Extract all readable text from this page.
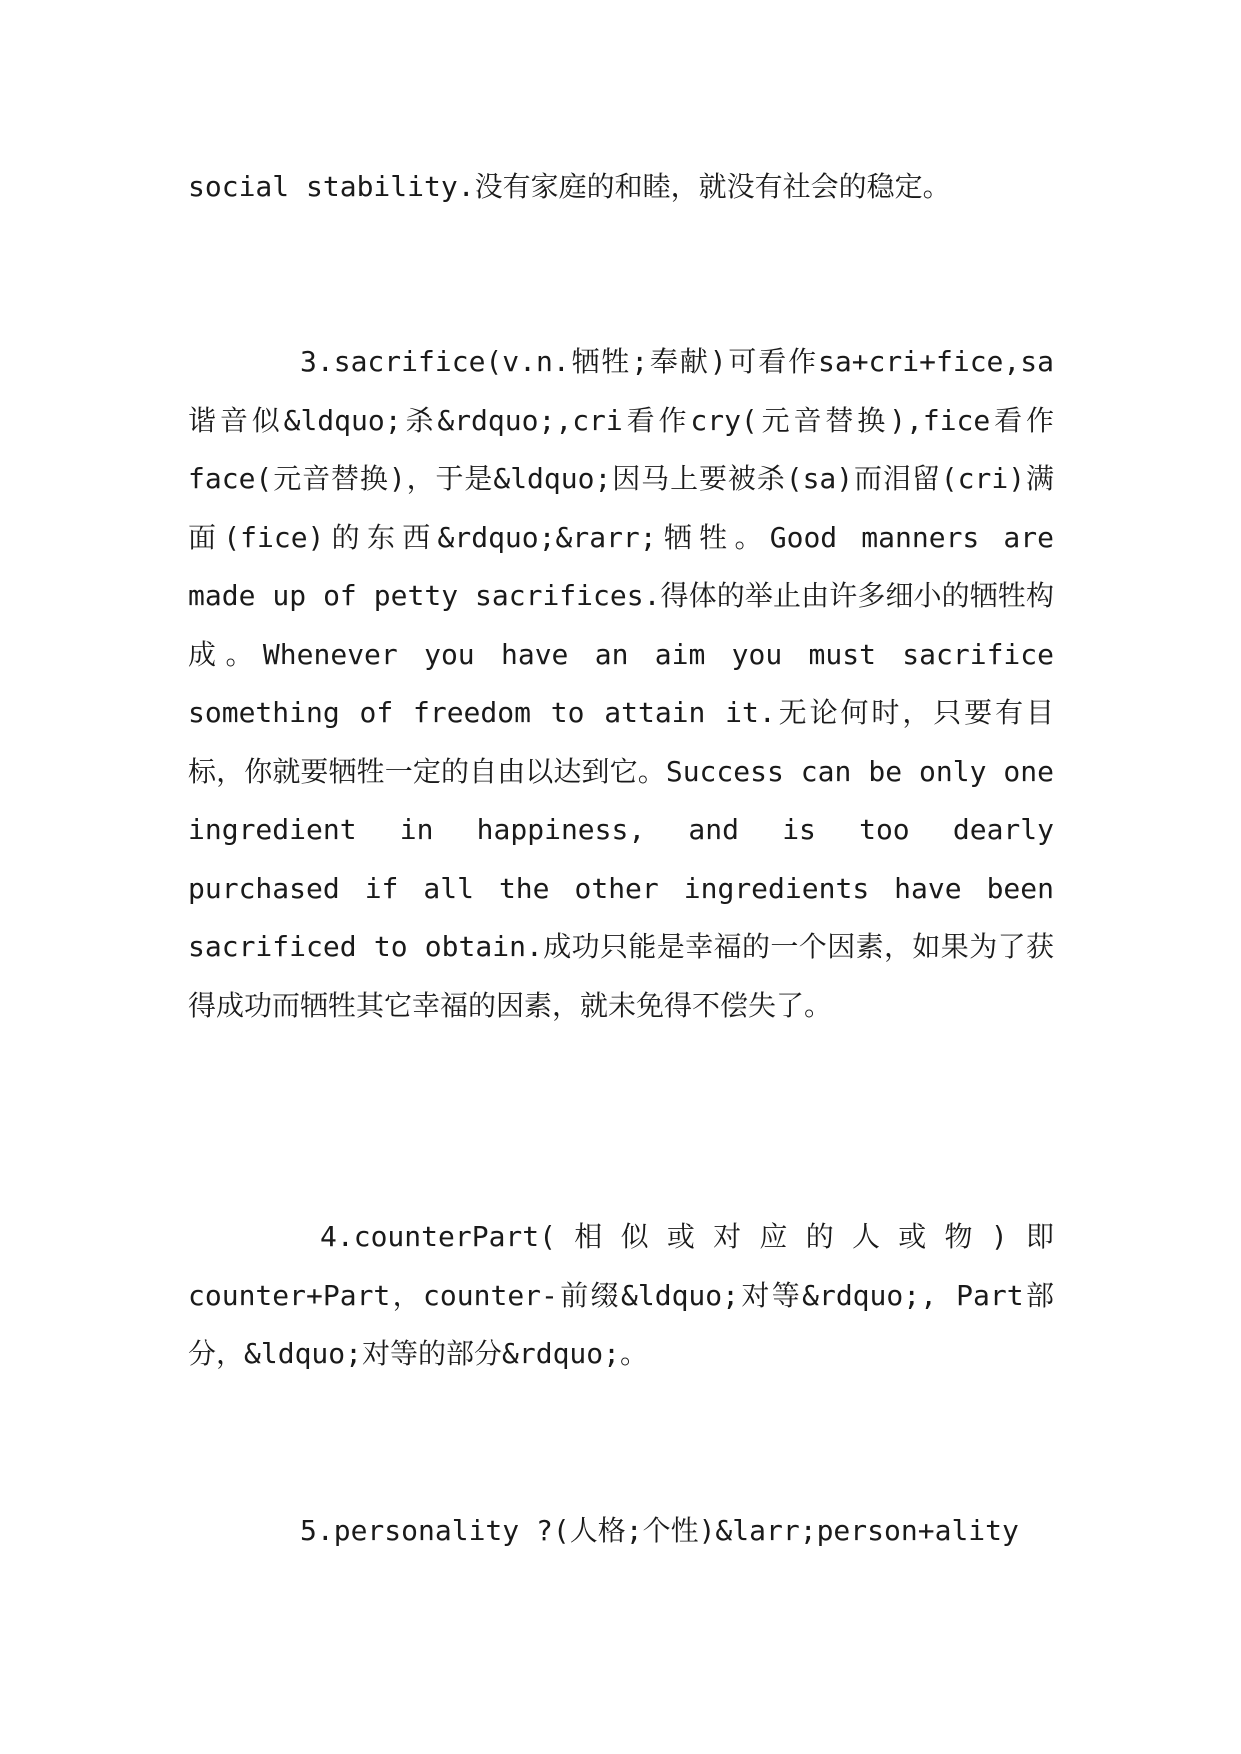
social stability.没有家庭的和睦，就没有社会的稳定。

3.sacrifice(v.n.牺牲;奉献)可看作sa+cri+fice,sa谐音似&ldquo;杀&rdquo;,cri看作cry(元音替换),fice看作face(元音替换)，于是&ldquo;因马上要被杀(sa)而泪留(cri)满面(fice)的东西&rdquo;&rarr;牺牲。Good manners are made up of petty sacrifices.得体的举止由许多细小的牺牲构成。Whenever you have an aim you must sacrifice something of freedom to attain it.无论何时，只要有目标，你就要牺牲一定的自由以达到它。Success can be only one ingredient in happiness, and is too dearly purchased if all the other ingredients have been sacrificed to obtain.成功只能是幸福的一个因素，如果为了获得成功而牺牲其它幸福的因素，就未免得不偿失了。

4.counterPart(相似或对应的人或物)即counter+Part，counter-前缀&ldquo;对等&rdquo;, Part部分，&ldquo;对等的部分&rdquo;。

5.personality ?(人格;个性)&larr;person+ality
